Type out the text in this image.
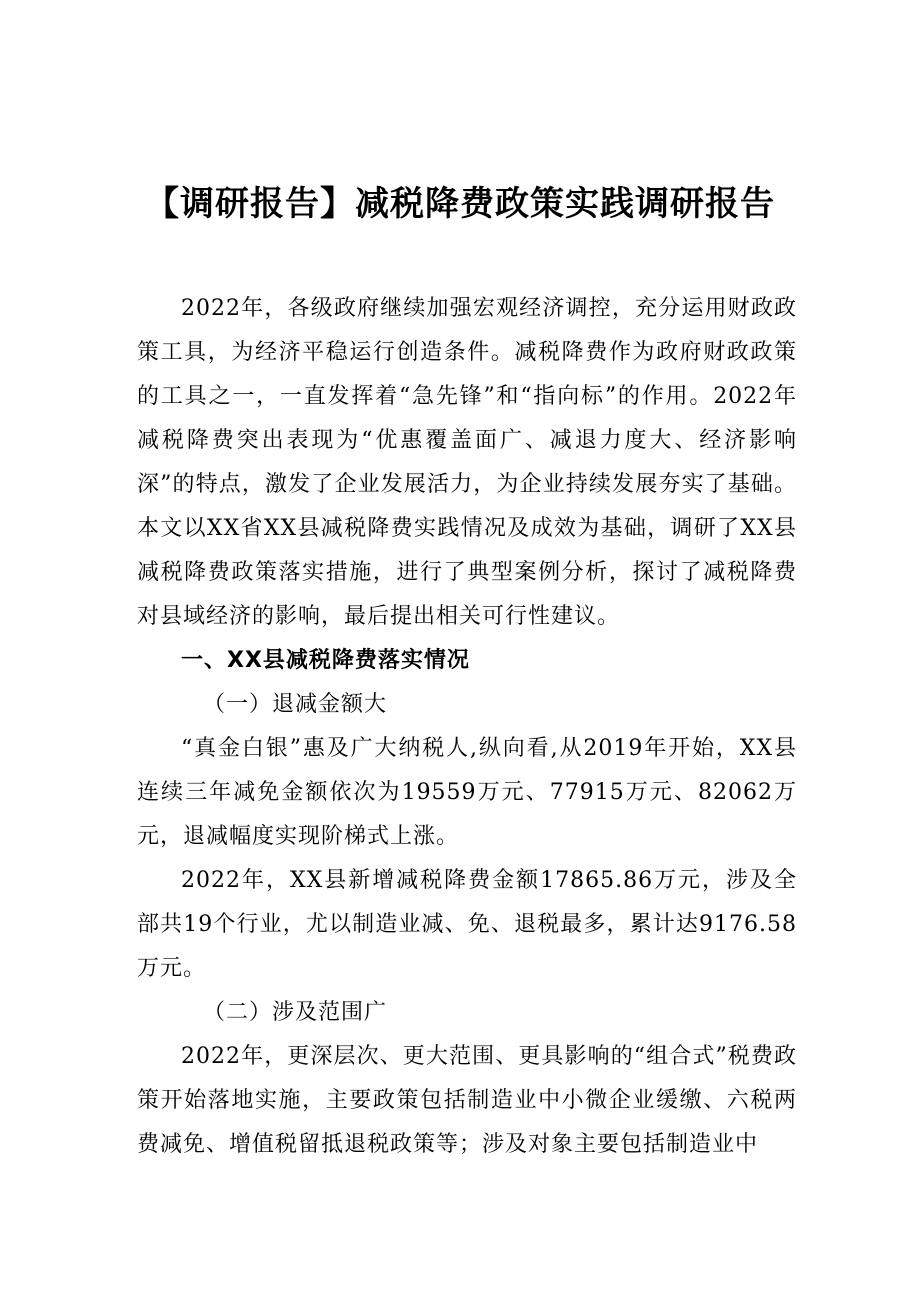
【调研报告】减税降费政策实践调研报告

2022年，各级政府继续加强宏观经济调控，充分运用财政政策工具，为经济平稳运行创造条件。减税降费作为政府财政政策的工具之一，一直发挥着“急先锋”和“指向标”的作用。2022年减税降费突出表现为“优惠覆盖面广、减退力度大、经济影响深”的特点，激发了企业发展活力，为企业持续发展夯实了基础。本文以XX省XX县减税降费实践情况及成效为基础，调研了XX县减税降费政策落实措施，进行了典型案例分析，探讨了减税降费对县域经济的影响，最后提出相关可行性建议。

一、XX县减税降费落实情况

（一）退减金额大

“真金白银”惠及广大纳税人,纵向看,从2019年开始，XX县连续三年减免金额依次为19559万元、77915万元、82062万元，退减幅度实现阶梯式上涨。

2022年，XX县新增减税降费金额17865.86万元，涉及全部共19个行业，尤以制造业减、免、退税最多，累计达9176.58万元。

（二）涉及范围广

2022年，更深层次、更大范围、更具影响的“组合式”税费政策开始落地实施，主要政策包括制造业中小微企业缓缴、六税两费减免、增值税留抵退税政策等；涉及对象主要包括制造业中
